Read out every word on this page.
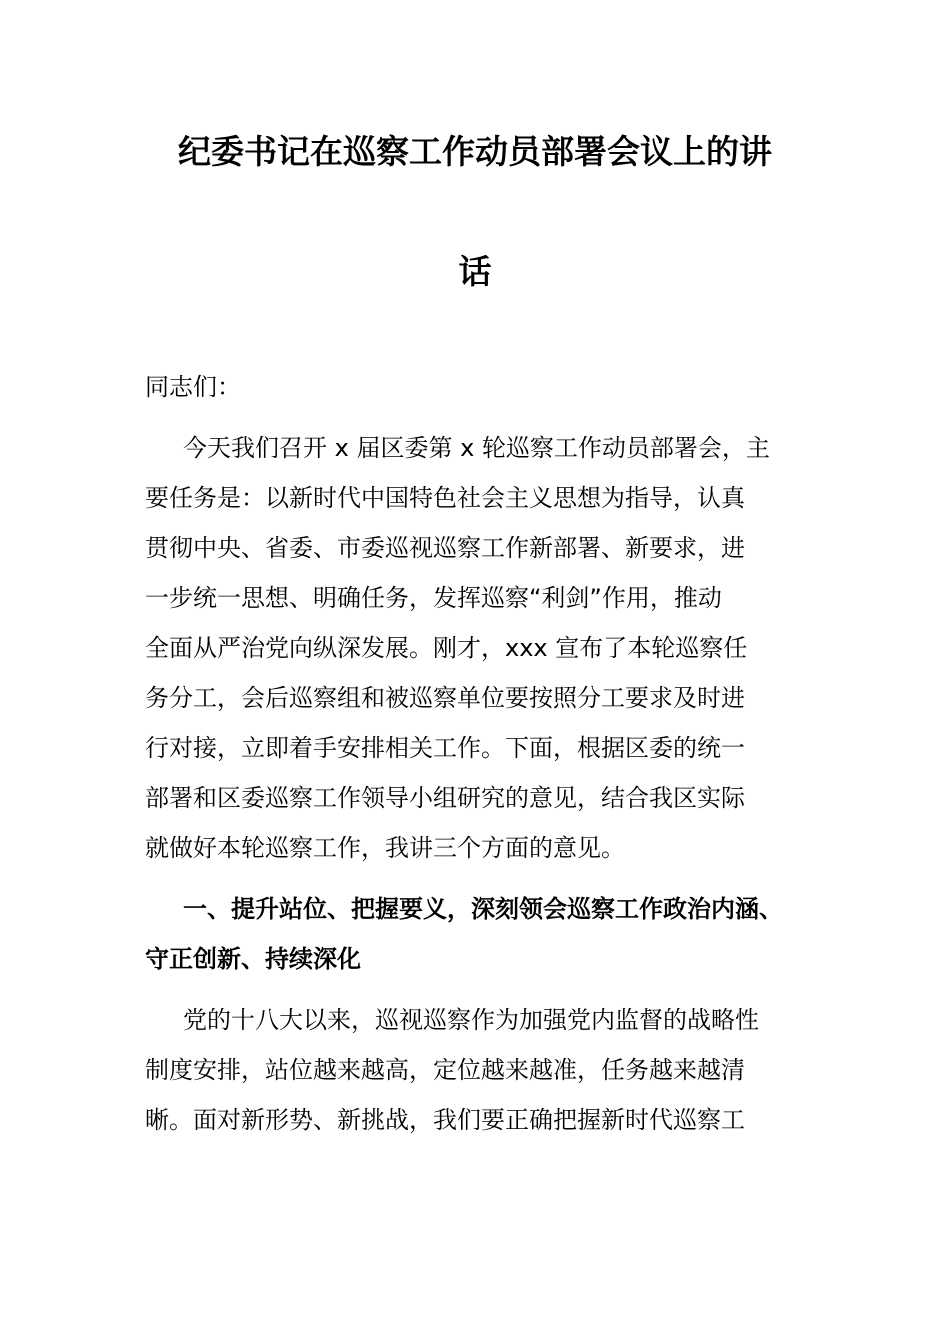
纪委书记在巡察工作动员部署会议上的讲
话
同志们：
今天我们召开 x 届区委第 x 轮巡察工作动员部署会，主
要任务是：以新时代中国特色社会主义思想为指导，认真
贯彻中央、省委、市委巡视巡察工作新部署、新要求，进
一步统一思想、明确任务，发挥巡察“利剑”作用，推动
全面从严治党向纵深发展。刚才，xxx 宣布了本轮巡察任
务分工，会后巡察组和被巡察单位要按照分工要求及时进
行对接，立即着手安排相关工作。下面，根据区委的统一
部署和区委巡察工作领导小组研究的意见，结合我区实际
就做好本轮巡察工作，我讲三个方面的意见。
一、提升站位、把握要义，深刻领会巡察工作政治内涵、
守正创新、持续深化
党的十八大以来，巡视巡察作为加强党内监督的战略性
制度安排，站位越来越高，定位越来越准，任务越来越清
晰。面对新形势、新挑战，我们要正确把握新时代巡察工
